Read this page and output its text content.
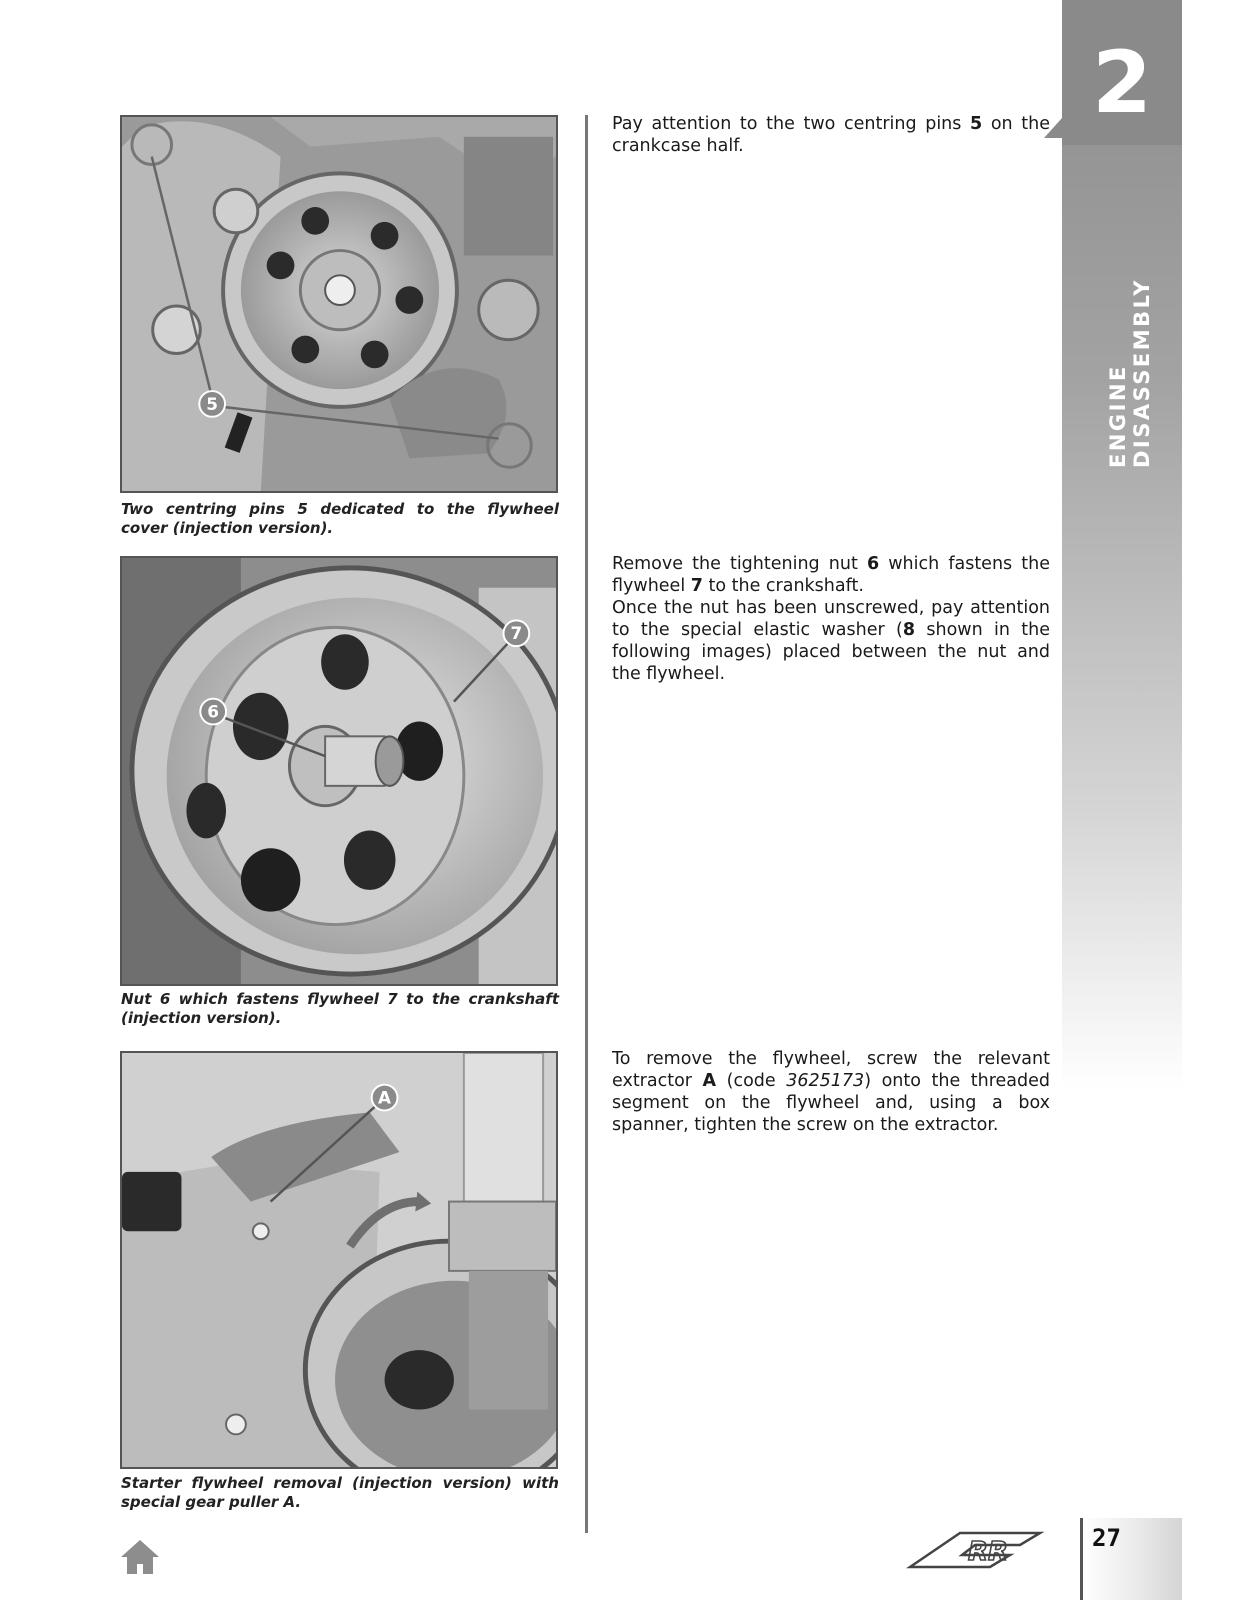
2
ENGINE DISASSEMBLY
5
Two centring pins 5 dedicated to the flywheel cover (injection version).

Pay attention to the two centring pins 5 on the crankcase half.

6
7
Nut 6 which fastens flywheel 7 to the crankshaft (injection version).

Remove the tightening nut 6 which fastens the flywheel 7 to the crankshaft.

Once the nut has been unscrewed, pay attention to the special elastic washer (8 shown in the following images) placed between the nut and the flywheel.

A
Starter flywheel removal (injection version) with special gear puller A.

To remove the flywheel, screw the relevant extractor A (code 3625173) onto the threaded segment on the flywheel and, using a box spanner, tighten the screw on the extractor.

RR	27
